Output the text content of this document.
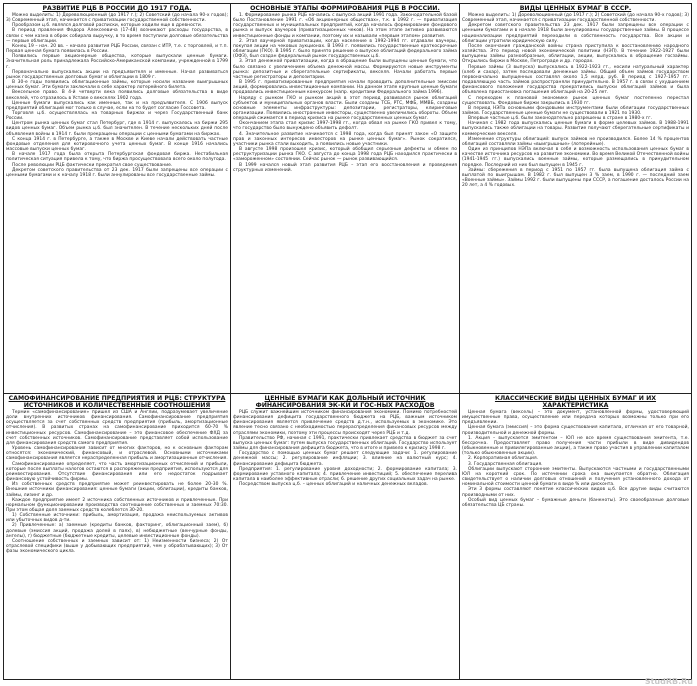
РАЗВИТИЕ РЦБ В РОССИИ ДО 1917 ГОДА.

Можно выделить: 1) Дореволюционный (до 1917 г.); 2) Советский (до начала 90-х годов); 3) Современный этап, начинается с приватизации государственной собственности.

Прообразом ц.б. являлся долговой расписки, которые ходили еще в древности.

В период правления Федора Алексеевича (17-48) возникают расходы государства, в связи с чем казна в оброк собирала выручку, в то время поступили долговые обязательства — первые облигации.

Конец 19 – нач. 20 вв. – начало развития РЦБ России, связан с ИТР, т.е. с торговлей, и т.п. Первая ценная бумага появилась в России.

Появились первые акционерные общества, которые выпускали ценные бумаги. Значительная роль принадлежала Российско-Американской компании, учрежденной в 1799 г.

Первоначально выпускались акции на предъявителя и именные. Начал развиваться рынок государственных долговых бумаг и облигации в 1809 г.

В 30-е годы появились облигационные займы, которые носили название выигрышных ценных бумаг. Эти бумаги заключали в себе характер лотерейного билета.

Вексельное право. В 4-й четверти века появились долговые обязательства в виде векселей, что отразилось в Уставе о векселях 1902 года.

Ценные бумаги выпускались как именные, так и на предъявителя. С 1906 выпуск предприятий облигаций мог только в случае, если на то будет согласие Госсовета.

Торговля ц.б. осуществлялась на товарных биржах и через Государственный банк России.

Центром рынка ценных бумаг стал Петербург, где в 1914 г. выпускалось на биржи 295 видов ценных бумаг. Объем рынка ц.б. был значителен. В течение нескольких дней после объявления войны в 1914 г. были прекращены операции с ценными бумагами на биржах.

С конца 1914 г. в Петербурге, а также в Москве и Киеве начали действовать частные фондовые отделения для котировочного учета ценных бумаг. В конце 1916 начались массовые выпуски ценных бумаг.

В начале 1917 года была открыта Петербургская фондовая биржа. Нестабильная политическая ситуация привела к тому, что биржа просуществовала всего около полугода.

После революции РЦБ фактически прекратил свое существование.

Декретом советского правительства от 23 дек. 1917 были запрещены все операции с ценными бумагами и к началу 1918 г. были аннулированы все государственные займы.

ОСНОВНЫЕ ЭТАПЫ ФОРМИРОВАНИЯ РЦБ В РОССИИ.

1. Формирование рынка РЦБ начались с выпуска акций 1991 года. Законодательной базой было Постановление 1991 г. «Об акционерных обществах», т.к. в 1992 г. — приватизация государственных и муниципальных предприятий, когда началось формирование фондового рынка и выпуск ваучеров (приватизационных чеков). На этом этапе активно развиваются инвестиционные фонды и компании, поэтому их и называли «первым этапом» развития.

2. Этап ваучерной приватизации, когда население в 1992-1994 гг. отдавали ваучеры, покупая акции на чековых аукционах. В 1993 г. появились государственные краткосрочные облигации (ГКО). В 1995 г. было принято решение о выпуске облигаций федерального займа (ОФЗ), был создан федеральный рынок государственных ц.б.

3. Этап денежной приватизации, когда в обращение были выпущены ценные бумаги, что было связано с увеличением объема денежной массы. Формируются новые инструменты рынка: депозитные и сберегательные сертификаты, векселя. Начали работать первые частные регистраторы и депозитарии.

В 1995 г. приватизированные предприятия начали проводить дополнительные эмиссии акций, формировались инвестиционные компании. На данном этапе крупные ценные бумаги продавались инвестиционным конкурсом (напр. кредитами Федерального займа 1996).

Наряду с рынком ГКО и рынком акций в этот период развивался рынок облигаций субъектов и муниципальных органов власти. Были созданы ТСБ, РТС, МФБ, ММВБ, созданы основные элементы инфраструктуры: депозитарии, регистраторы, клиринговые организации. Появились иностранные инвесторы, существенно увеличились обороты. Объем операций сжимается в период кризиса на рынке государственных ценных бумаг.

Окончанием этапа стал кризис 1997-1998 гг., когда обвал на рынке ГКО привел к тому, что государство было вынуждено объявить дефолт.

4. Значительное развитие начинается с 1998 года, когда был принят закон «О защите прав и законных интересов инвесторов на рынке ценных бумаг». Рынок сократился, участники рынка стали выходить, а появились новые участники.

В августе 1998 произошел кризис, который обобщил серьезные дефекты и обмен по реструктуризации рынка ГКО. С августа до конца 1998 года РЦБ находился практически в «замороженном» состоянии. Сейчас рынок — рынок развивающийся.

В 1999 начался новый этап развития РЦБ – этап его восстановления и проведения структурных изменений.

ВИДЫ ЦЕННЫХ БУМАГ В СССР.

Можно выделить: 1) Дореволюционный (до 1917 г.); 2) Советский (до начала 90-х годов); 3) Современный этап, начинается с приватизации государственной собственности.

Декретом советского правительства 23 дек. 1917 были запрещены все операции с ценными бумагами и в начале 1918 были аннулированы государственные займы. В процессе национализации предприятий переходили в собственность государства. Все акции и облигации утратили юридическую силу.

После окончания гражданской войны страна приступила к восстановлению народного хозяйства. Это период новой экономической политики (НЭП). В течение 1922-1927 были выпущены займы разнообразные, облигации, акции, выпускались в обращение госзаймы. Открылись биржи в Москве, Петрограде и др. городах.

Первые займы (3 выпуска) выпускались в 1922-1923 гг., носили натуральный характер (хлеб и сахар), затем последовали денежные займы. Общий объем займов государством первоначально выпущенных составлял около 1,5 млрд. руб. В период с 1927-1957 гг. подавляющую часть займов распространяли принудительно. В 1957 г. в связи с ухудшением финансового положения государства прекратились выпуски облигаций займов и была объявлена приостановка погашения облигаций на 20-25 лет.

С переходом к плановой экономике рынок ценных бумаг постепенно перестал существовать. Фондовые биржи закрылись в 1930 гг.

В период НЭПа основными фондовыми инструментами были облигации государственных займов. Государственные ценные бумаги не существовали в 1921 по 1930.

Впервые частные ц.б. были законодательно разрешены в стране в 1980-х гг.

Начиная с 1982 года выпускались ценные бумаги в форме целевых займов. В 1988-1991 выпускались также облигации на товары. Развитие получают сберегательные сертификаты и коммерческие векселя.

Изменение структуры облигаций: выпуск займов не производился. Более 14 % процентов облигаций составляли займы «выигрышные» (лотерейные).

Один из принципов НЭПа включал в себя и возможность использования ценных бумаг в качестве источника ресурсов на развитие экономики. Во время Великой Отечественной войны (1941-1945 гг.) выпускались военные займы, которые размещались в принудительном порядке. Последний из них был выпущен в 1945 г.

Займы: сбережения в период с 1951 по 1957 гг. была выпущена облигация займа с выплатой по выигрышам. В 1982 г. был выпущен 3 % заем, в 1990 г. — последний заем «Военные займы». Займы 1992 г. были выпущены при СССР, а погашение досталось России на 20 лет, а 4 % годовых.

САМОФИНАНСИРОВАНИЕ ПРЕДПРИЯТИЯ И РЦБ: СТРУКТУРА ИСТОЧНИКОВ И КОЛИЧЕСТВЕННЫЕ СООТНОШЕНИЯ

Термин «самофинансирование» пришел из США и Англии, подразумевает увеличение доли внутренних источников финансирования. Самофинансирование предприятия осуществляется за счет собственных средств предприятия (прибыль, амортизационные отчисления). В развитых странах на самофинансирование приходится 60-70 % инвестиционных ресурсов. Самофинансирование – это финансовое обеспечение ФХД за счет собственных источников. Самофинансирование представляет собой использование для финансирования средств самого предприятия.

Уровень самофинансирования зависит от многих факторов, но к основным факторам относятся: экономический, финансовый, и отраслевой. Основными источниками самофинансирования является нераспределенная прибыль и амортизационные отчисления.

Самофинансирование определяет, что часть амортизационных отчислений и прибыли, которые после выплаты налогов остаются в распоряжении предприятия, используются для реинвестирования. Отсутствие финансирования или его недостаток подрывает финансовую устойчивость фирмы.

Из собственных средств предприятие может реинвестировать не более 20-30 %. Внешние источники финансирования: ценные бумаги (акции, облигации), кредиты банков, займы, лизинг и др.

Каждое предприятие имеет 2 источника собственных источников и привлеченные. При нормальном функционировании производства соотношение собственных и заемных 70:30. При этом общая доля заемных средств колеблется 30-20.

1) Собственные источники: прибыль, амортизация, продажа неиспользуемых активов или убыточных видов д-ти.

2) Привлеченные: а) заемные (кредиты банков, факторинг, облигационный заем), б) долевые (эмиссия акций, продажа долей в паях), в) небюджетные (венчурные фонды, ангелы), г) бюджетные (бюджетные кредиты, целевые инвестиционные фонды).

Соотношение собственных и заемных зависит от: 1) Неизменности бизнеса; 2) От отраслевой специфики (выше у добывающих предприятий, чем у обрабатывающих); 3) От фазы экономического цикла.

ЦЕННЫЕ БУМАГИ КАК ДОЛЬНЫЙ ИСТОЧНИК ФИНАНСИРОВАНИЯ ЭК-КИ И ГОС-НЫХ РАСХОДОВ

РЦБ служит важнейшим источником финансирования экономики. Помимо потребностей финансирования дефицита государственного бюджета на РЦБ, важным источником финансирования является привлечение средств д.т.н., используемых в экономике. Это явление тесно связано с необходимостью перераспределения финансовых ресурсов между отраслями экономики, поэтому эти процессы происходят через РЦБ и т.д.

Правительство РФ, начиная с 1991, практически привлекает средства в бюджет за счет выпуска ценных бумаг: путем выпуска государственных облигаций. Государство использует займы для финансирования дефицита бюджета, что в итоге и привело к кризису 1998 г.

Государство с помощью ценных бумаг решает следующие задачи: 1. регулирование денежной массы; 2. регулирование инфляции; 3. влияние на валютный курс; 4. финансирование дефицита бюджета.

Предприятия: 1. регулирование уровня доходности; 2. формирование капитала; 3. формирование уставного капитала; 4. привлечение инвестиций; 5. обеспечение перелива капитала в наиболее эффективные отрасли; 6. решение других социальных задач на рынке.

Посредством выпуска ц.б. – ценных облигаций и наличных денежных вкладов.

КЛАССИЧЕСКИЕ ВИДЫ ЦЕННЫХ БУМАГ И ИХ ХАРАКТЕРИСТИКА

Ценная бумага (вексель) – это документ, установленной формы, удостоверяющий имущественные права, осуществление или передача которых возможны только при его предъявлении.

Ценная бумага (эмиссия) – это форма существования капитала, отличная от его товарной, производительной и денежной формы.

1. Акция – выпускается эмитентом – ЮЛ не все время существования эмитента, т.е. бессрочна. Предоставляет право получения части прибыли в виде дивидендов (обыкновенные и привилегированные акции), а также право участия в управлении капиталом (только обыкновенные акции).

2. Корпоративная облигация.

3. Государственная облигация.

Облигации выпускают сторонние эмитенты. Выпускаются частными и государственными ЮЛ на короткий срок. По истечении срока она выкупается обратно. Облигация свидетельствует о наличии долговых отношений и получения установленного дохода от номинальной стоимости ценной бумаги в виде % или дисконта.

Эти 3 формы составляют понятие классических видов ц.б. Все другие виды считаются производными от них.

Особый вид ценных бумаг – бумажные деньги (банкноты). Это своеобразные долговые обязательства ЦБ страны.

StudRB.Ru
